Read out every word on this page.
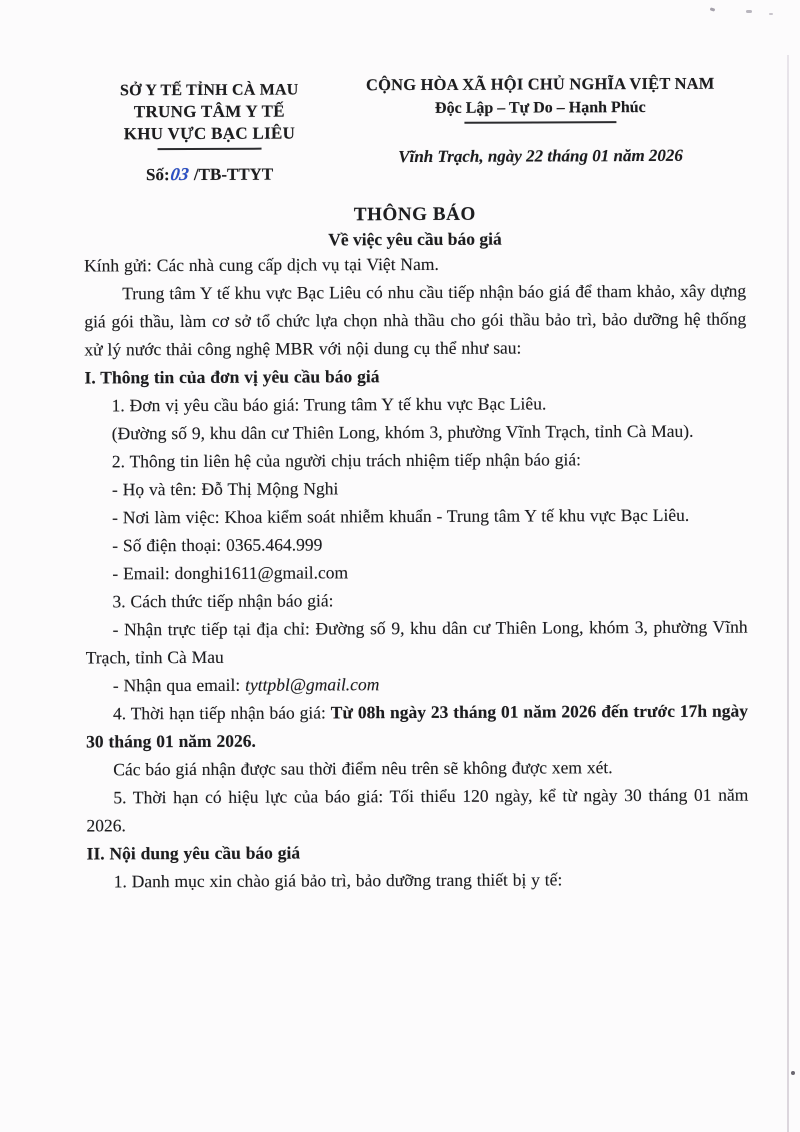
SỞ Y TẾ TỈNH CÀ MAU
TRUNG TÂM Y TẾ
KHU VỰC BẠC LIÊU
Số:03 /TB-TTYT
CỘNG HÒA XÃ HỘI CHỦ NGHĨA VIỆT NAM
Độc Lập – Tự Do – Hạnh Phúc
Vĩnh Trạch, ngày 22 tháng 01 năm 2026
THÔNG BÁO
Về việc yêu cầu báo giá

Kính gửi: Các nhà cung cấp dịch vụ tại Việt Nam.

Trung tâm Y tế khu vực Bạc Liêu có nhu cầu tiếp nhận báo giá để tham khảo, xây dựng giá gói thầu, làm cơ sở tổ chức lựa chọn nhà thầu cho gói thầu bảo trì, bảo dưỡng hệ thống xử lý nước thải công nghệ MBR với nội dung cụ thể như sau:

I. Thông tin của đơn vị yêu cầu báo giá

1. Đơn vị yêu cầu báo giá: Trung tâm Y tế khu vực Bạc Liêu.

(Đường số 9, khu dân cư Thiên Long, khóm 3, phường Vĩnh Trạch, tỉnh Cà Mau).

2. Thông tin liên hệ của người chịu trách nhiệm tiếp nhận báo giá:

- Họ và tên: Đỗ Thị Mộng Nghi

- Nơi làm việc: Khoa kiểm soát nhiễm khuẩn - Trung tâm Y tế khu vực Bạc Liêu.

- Số điện thoại: 0365.464.999

- Email: donghi1611@gmail.com

3. Cách thức tiếp nhận báo giá:

- Nhận trực tiếp tại địa chỉ: Đường số 9, khu dân cư Thiên Long, khóm 3, phường Vĩnh Trạch, tỉnh Cà Mau

- Nhận qua email: tyttpbl@gmail.com

4. Thời hạn tiếp nhận báo giá: Từ 08h ngày 23 tháng 01 năm 2026 đến trước 17h ngày 30 tháng 01 năm 2026.

Các báo giá nhận được sau thời điểm nêu trên sẽ không được xem xét.

5. Thời hạn có hiệu lực của báo giá: Tối thiểu 120 ngày, kể từ ngày 30 tháng 01 năm 2026.

II. Nội dung yêu cầu báo giá

1. Danh mục xin chào giá bảo trì, bảo dưỡng trang thiết bị y tế:
